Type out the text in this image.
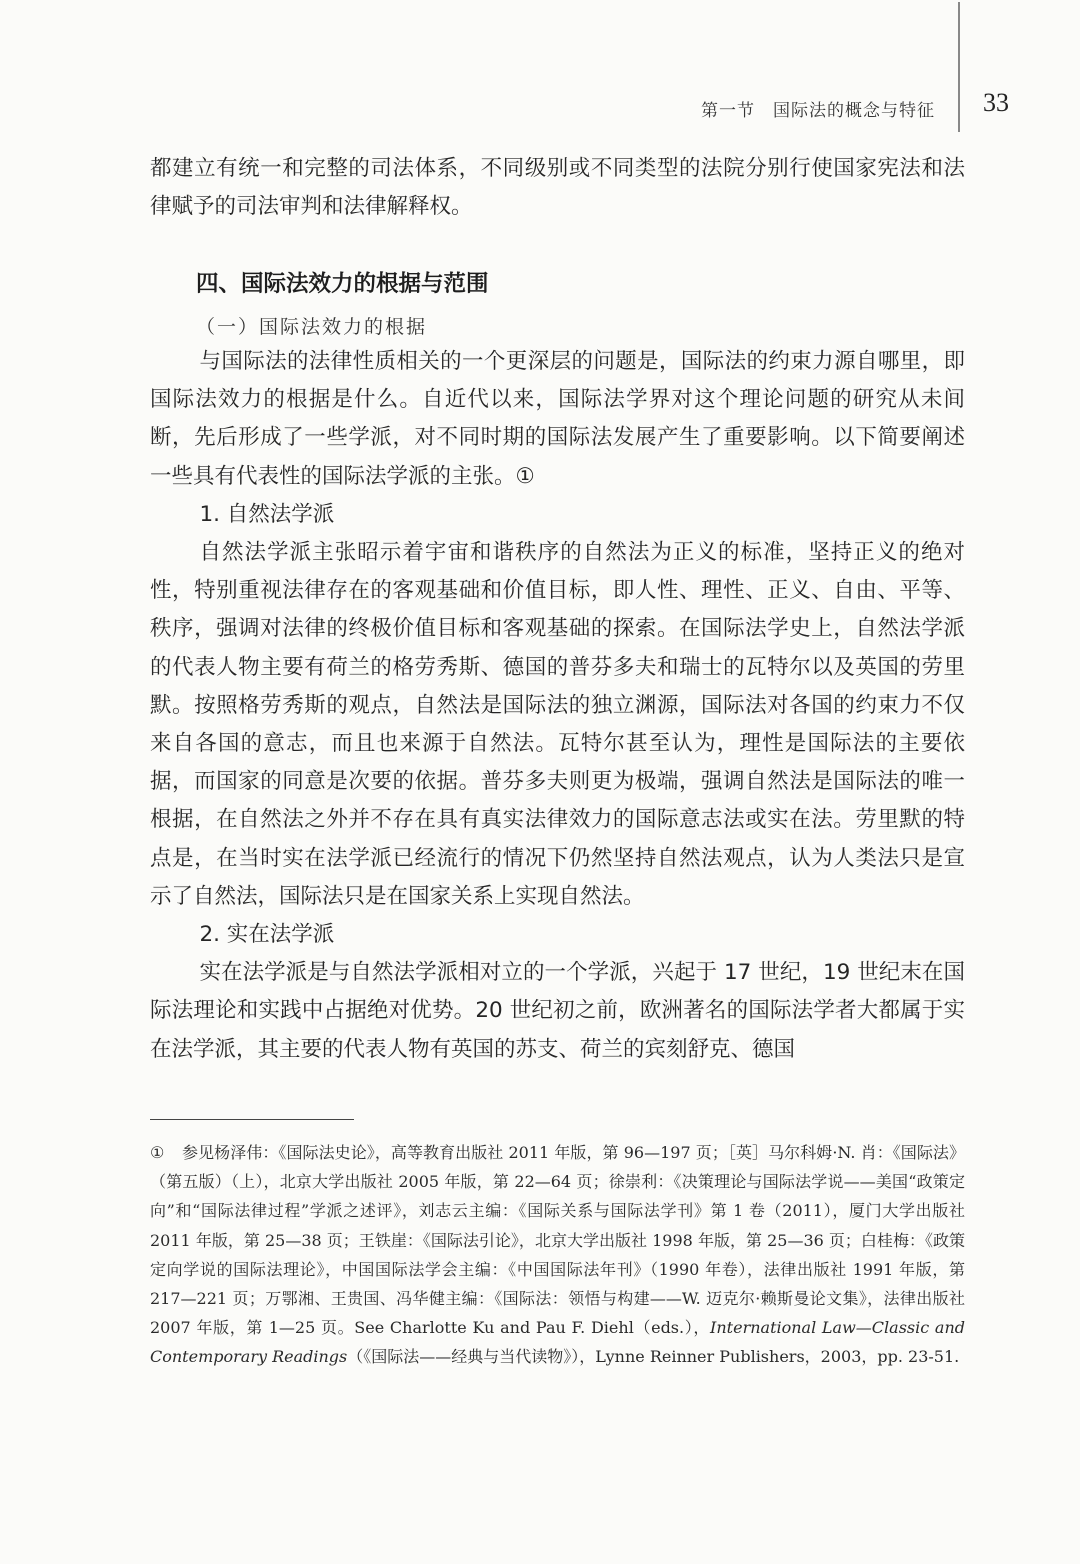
第一节　国际法的概念与特征 33

都建立有统一和完整的司法体系，不同级别或不同类型的法院分别行使国家宪法和法律赋予的司法审判和法律解释权。

四、国际法效力的根据与范围
（一）国际法效力的根据

与国际法的法律性质相关的一个更深层的问题是，国际法的约束力源自哪里，即国际法效力的根据是什么。自近代以来，国际法学界对这个理论问题的研究从未间断，先后形成了一些学派，对不同时期的国际法发展产生了重要影响。以下简要阐述一些具有代表性的国际法学派的主张。①

1. 自然法学派

自然法学派主张昭示着宇宙和谐秩序的自然法为正义的标准，坚持正义的绝对性，特别重视法律存在的客观基础和价值目标，即人性、理性、正义、自由、平等、秩序，强调对法律的终极价值目标和客观基础的探索。在国际法学史上，自然法学派的代表人物主要有荷兰的格劳秀斯、德国的普芬多夫和瑞士的瓦特尔以及英国的劳里默。按照格劳秀斯的观点，自然法是国际法的独立渊源，国际法对各国的约束力不仅来自各国的意志，而且也来源于自然法。瓦特尔甚至认为，理性是国际法的主要依据，而国家的同意是次要的依据。普芬多夫则更为极端，强调自然法是国际法的唯一根据，在自然法之外并不存在具有真实法律效力的国际意志法或实在法。劳里默的特点是，在当时实在法学派已经流行的情况下仍然坚持自然法观点，认为人类法只是宣示了自然法，国际法只是在国家关系上实现自然法。

2. 实在法学派

实在法学派是与自然法学派相对立的一个学派，兴起于 17 世纪，19 世纪末在国际法理论和实践中占据绝对优势。20 世纪初之前，欧洲著名的国际法学者大都属于实在法学派，其主要的代表人物有英国的苏支、荷兰的宾刻舒克、德国

① 参见杨泽伟：《国际法史论》，高等教育出版社 2011 年版，第 96—197 页；［英］马尔科姆·N. 肖：《国际法》（第五版）（上），北京大学出版社 2005 年版，第 22—64 页；徐崇利：《决策理论与国际法学说——美国“政策定向”和“国际法律过程”学派之述评》，刘志云主编：《国际关系与国际法学刊》第 1 卷（2011），厦门大学出版社 2011 年版，第 25—38 页；王铁崖：《国际法引论》，北京大学出版社 1998 年版，第 25—36 页；白桂梅：《政策定向学说的国际法理论》，中国国际法学会主编：《中国国际法年刊》（1990 年卷），法律出版社 1991 年版，第 217—221 页；万鄂湘、王贵国、冯华健主编：《国际法：领悟与构建——W. 迈克尔·赖斯曼论文集》，法律出版社 2007 年版，第 1—25 页。See Charlotte Ku and Pau F. Diehl（eds.），International Law—Classic and Contemporary Readings（《国际法——经典与当代读物》），Lynne Reinner Publishers，2003，pp. 23-51.
